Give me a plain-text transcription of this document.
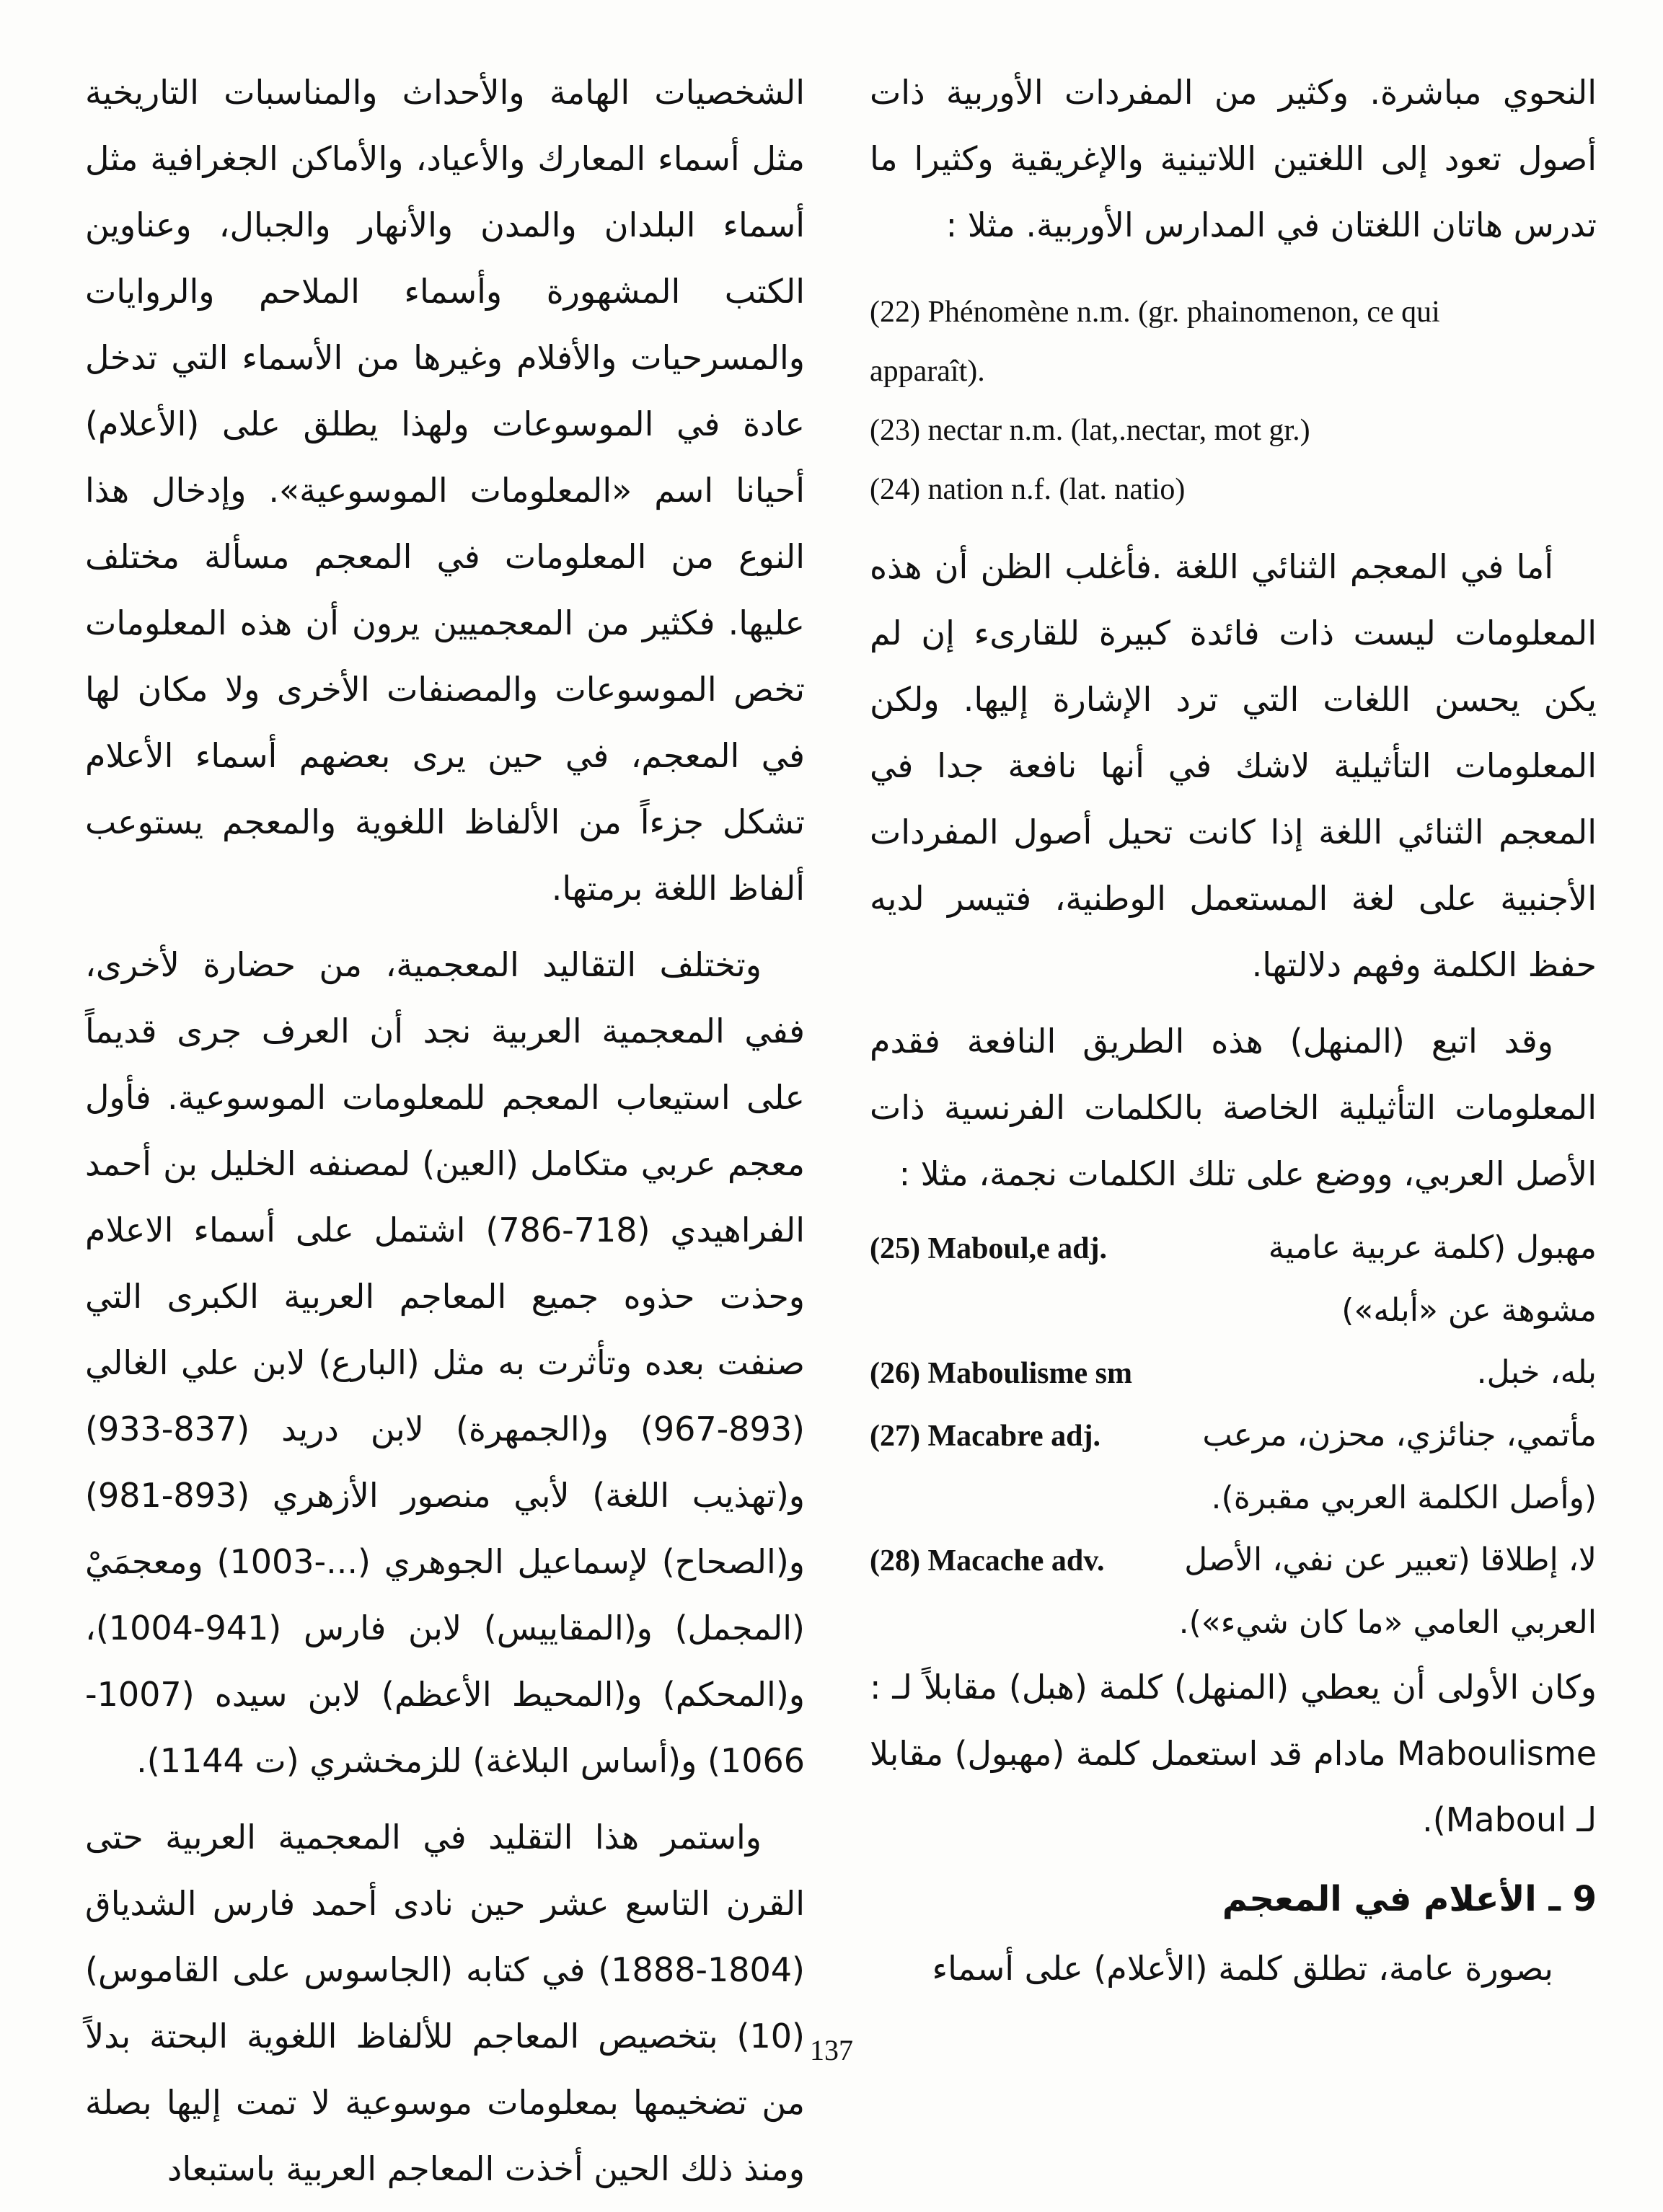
النحوي مباشرة. وكثير من المفردات الأوربية ذات أصول تعود إلى اللغتين اللاتينية والإغريقية وكثيرا ما تدرس هاتان اللغتان في المدارس الأوربية. مثلا :

(22) Phénomène n.m. (gr. phainomenon, ce qui

apparaît).

(23) nectar n.m. (lat,.nectar, mot gr.)

(24) nation n.f. (lat. natio)

أما في المعجم الثنائي اللغة .فأغلب الظن أن هذه المعلومات ليست ذات فائدة كبيرة للقارىء إن لم يكن يحسن اللغات التي ترد الإشارة إليها. ولكن المعلومات التأثيلية لاشك في أنها نافعة جدا في المعجم الثنائي اللغة إذا كانت تحيل أصول المفردات الأجنبية على لغة المستعمل الوطنية، فتيسر لديه حفظ الكلمة وفهم دلالتها.

وقد اتبع (المنهل) هذه الطريق النافعة فقدم المعلومات التأثيلية الخاصة بالكلمات الفرنسية ذات الأصل العربي، ووضع على تلك الكلمات نجمة، مثلا :

(25) Maboul,e adj.	مهبول (كلمة عربية عامية

مشوهة عن «أبله»)

(26) Maboulisme sm	بله، خبل.
(27) Macabre adj.	مأتمي، جنائزي، محزن، مرعب

(وأصل الكلمة العربي مقبرة).

(28) Macache adv.	لا، إطلاقا (تعبير عن نفي، الأصل

العربي العامي «ما كان شيء»).

وكان الأولى أن يعطي (المنهل) كلمة (هبل) مقابلاً لـ : Maboulisme مادام قد استعمل كلمة (مهبول) مقابلا لـ Maboul).

9 ـ الأعلام في المعجم

بصورة عامة، تطلق كلمة (الأعلام) على أسماء

الشخصيات الهامة والأحداث والمناسبات التاريخية مثل أسماء المعارك والأعياد، والأماكن الجغرافية مثل أسماء البلدان والمدن والأنهار والجبال، وعناوين الكتب المشهورة وأسماء الملاحم والروايات والمسرحيات والأفلام وغيرها من الأسماء التي تدخل عادة في الموسوعات ولهذا يطلق على (الأعلام) أحيانا اسم «المعلومات الموسوعية». وإدخال هذا النوع من المعلومات في المعجم مسألة مختلف عليها. فكثير من المعجميين يرون أن هذه المعلومات تخص الموسوعات والمصنفات الأخرى ولا مكان لها في المعجم، في حين يرى بعضهم أسماء الأعلام تشكل جزءاً من الألفاظ اللغوية والمعجم يستوعب ألفاظ اللغة برمتها.

وتختلف التقاليد المعجمية، من حضارة لأخرى، ففي المعجمية العربية نجد أن العرف جرى قديماً على استيعاب المعجم للمعلومات الموسوعية. فأول معجم عربي متكامل (العين) لمصنفه الخليل بن أحمد الفراهيدي (718-786) اشتمل على أسماء الاعلام وحذت حذوه جميع المعاجم العربية الكبرى التي صنفت بعده وتأثرت به مثل (البارع) لابن علي الغالي (893-967) و(الجمهرة) لابن دريد (837-933) و(تهذيب اللغة) لأبي منصور الأزهري (893-981) و(الصحاح) لإسماعيل الجوهري (...-1003) ومعجمَيْ (المجمل) و(المقاييس) لابن فارس (941-1004)، و(المحكم) و(المحيط الأعظم) لابن سيده (1007-1066) و(أساس البلاغة) للزمخشري (ت 1144).

واستمر هذا التقليد في المعجمية العربية حتى القرن التاسع عشر حين نادى أحمد فارس الشدياق (1804-1888) في كتابه (الجاسوس على القاموس)(10) بتخصيص المعاجم للألفاظ اللغوية البحتة بدلاً من تضخيمها بمعلومات موسوعية لا تمت إليها بصلة ومنذ ذلك الحين أخذت المعاجم العربية باستبعاد

137
